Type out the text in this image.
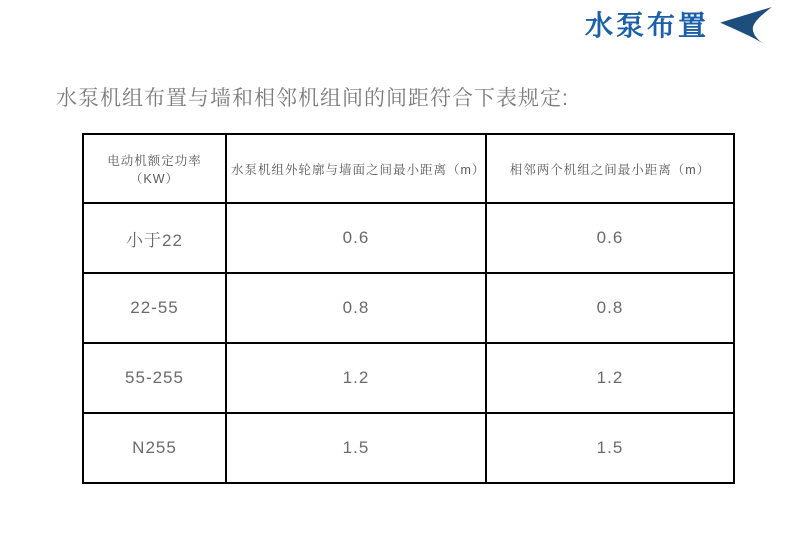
水泵布置
水泵机组布置与墙和相邻机组间的间距符合下表规定:
电动机额定功率（KW）	水泵机组外轮廓与墙面之间最小距离（m）	相邻两个机组之间最小距离（m）
小于22	0.6	0.6
22-55	0.8	0.8
55-255	1.2	1.2
N255	1.5	1.5
